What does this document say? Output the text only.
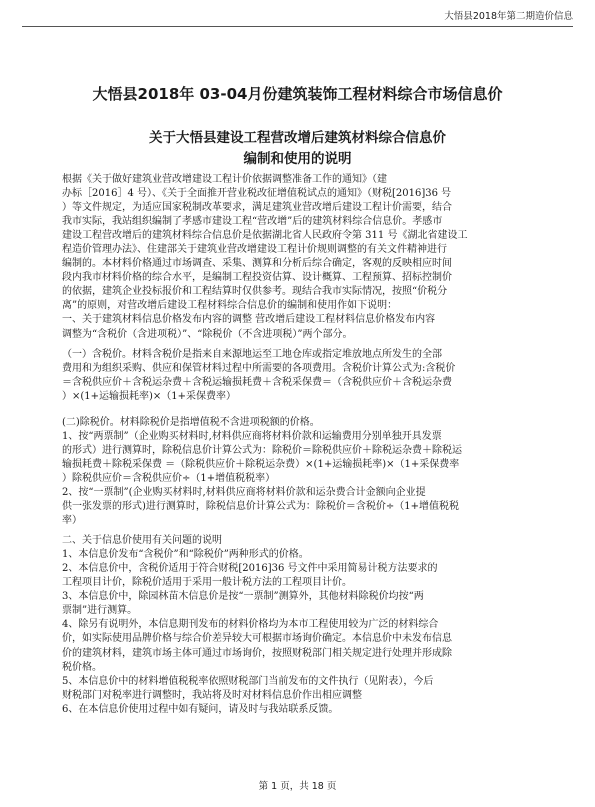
大悟县2018年第二期造价信息
大悟县2018年 03-04月份建筑装饰工程材料综合市场信息价
关于大悟县建设工程营改增后建筑材料综合信息价
编制和使用的说明
根据《关于做好建筑业营改增建设工程计价依据调整准备工作的通知》（建
办标［2016］4 号）、《关于全面推开营业税改征增值税试点的通知》（财税[2016]36 号
）等文件规定，为适应国家税制改革要求，满足建筑业营改增后建设工程计价需要，结合
我市实际，我站组织编制了孝感市建设工程“营改增”后的建筑材料综合信息价。孝感市
建设工程营改增后的建筑材料综合信息价是依据湖北省人民政府令第 311 号《湖北省建设工
程造价管理办法》、住建部关于建筑业营改增建设工程计价规则调整的有关文件精神进行
编制的。本材料价格通过市场调查、采集、测算和分析后综合确定，客观的反映相应时间
段内我市材料价格的综合水平，是编制工程投资估算、设计概算、工程预算、招标控制价
的依据，建筑企业投标报价和工程结算时仅供参考。现结合我市实际情况，按照“价税分
离”的原则，对营改增后建设工程材料综合信息价的编制和使用作如下说明：
一、关于建筑材料信息价格发布内容的调整 营改增后建设工程材料信息价格发布内容
调整为“含税价（含进项税）”、“除税价（不含进项税）”两个部分。
（一）含税价。材料含税价是指来自来源地运至工地仓库或指定堆放地点所发生的全部
费用和为组织采购、供应和保管材料过程中所需要的各项费用。含税价计算公式为:含税价
＝含税供应价＋含税运杂费＋含税运输损耗费＋含税采保费＝（含税供应价＋含税运杂费
）×(1+运输损耗率)×（1+采保费率）
(二)除税价。材料除税价是指增值税不含进项税额的价格。
1、按“两票制”（企业购买材料时,材料供应商将材料价款和运输费用分别单独开具发票
的形式）进行测算时，除税信息价计算公式为：除税价＝除税供应价＋除税运杂费＋除税运
输损耗费＋除税采保费 ＝（除税供应价＋除税运杂费）×(1+运输损耗率)×（1+采保费率
）除税供应价＝含税供应价÷（1+增值税税率）
2、按“一票制”(企业购买材料时,材料供应商将材料价款和运杂费合计金额向企业提
供一张发票的形式)进行测算时，除税信息价计算公式为：除税价＝含税价÷（1+增值税税
率）
二、关于信息价使用有关问题的说明
1、本信息价发布“含税价”和“除税价”两种形式的价格。
2、本信息价中，含税价适用于符合财税[2016]36 号文件中采用简易计税方法要求的
工程项目计价，除税价适用于采用一般计税方法的工程项目计价。
3、本信息价中，除园林苗木信息价是按“一票制”测算外，其他材料除税价均按“两
票制”进行测算。
4、除另有说明外，本信息期刊发布的材料价格均为本市工程使用较为广泛的材料综合
价，如实际使用品牌价格与综合价差异较大可根据市场询价确定。本信息价中未发布信息
价的建筑材料，建筑市场主体可通过市场询价，按照财税部门相关规定进行处理并形成除
税价格。
5、本信息价中的材料增值税税率依照财税部门当前发布的文件执行（见附表），今后
财税部门对税率进行调整时，我站将及时对材料信息价作出相应调整
6、在本信息价使用过程中如有疑问，请及时与我站联系反馈。
第 1 页，共 18 页
